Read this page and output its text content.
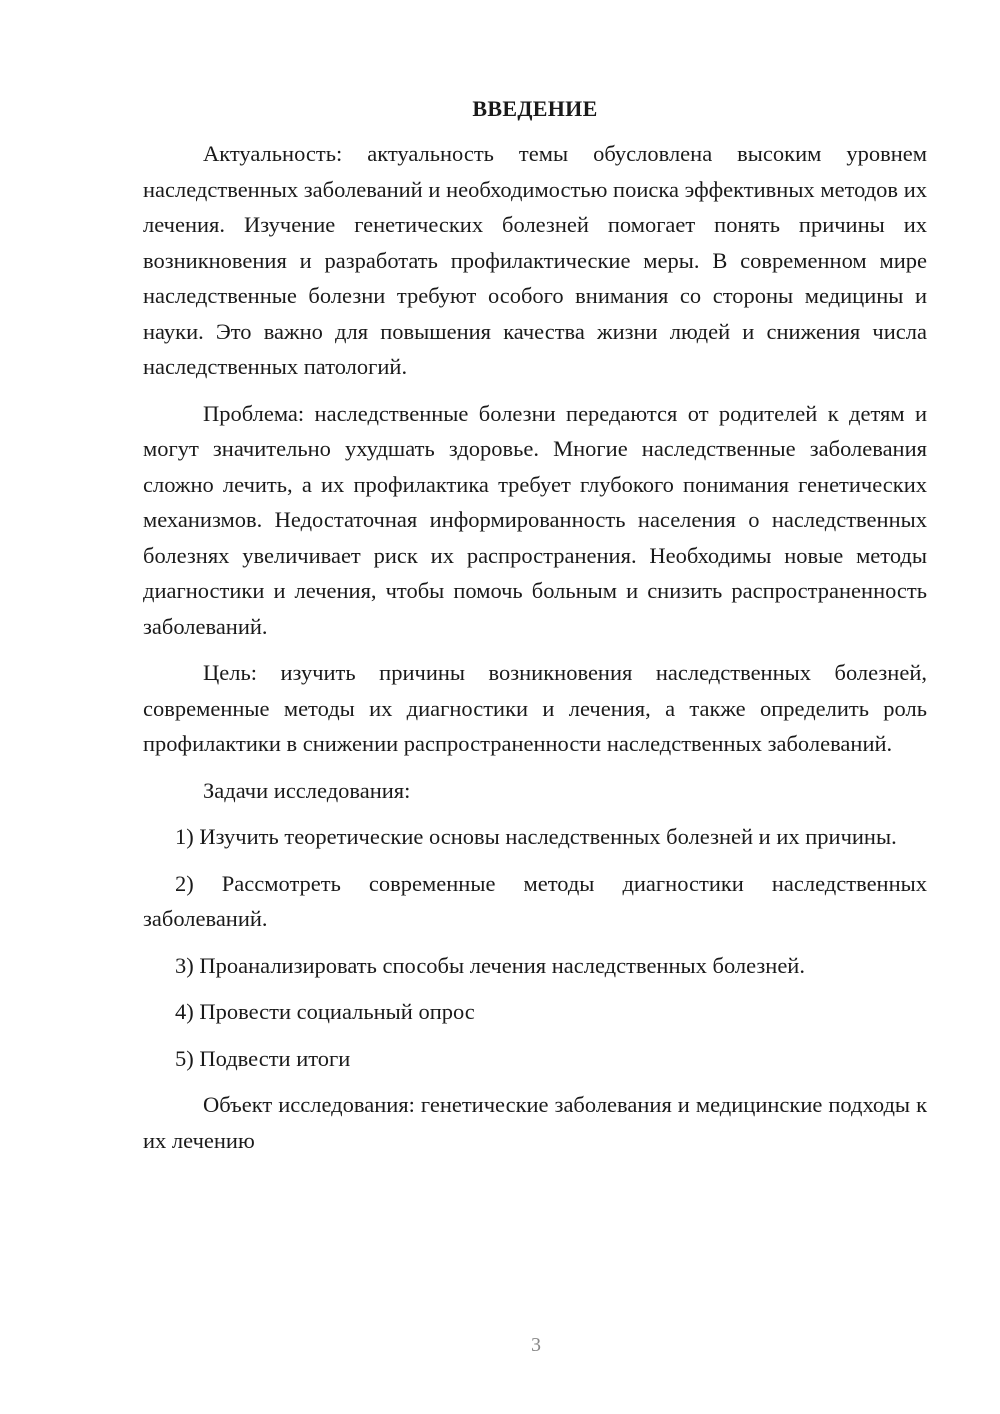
ВВЕДЕНИЕ

Актуальность: актуальность темы обусловлена высоким уровнем наследственных заболеваний и необходимостью поиска эффективных методов их лечения. Изучение генетических болезней помогает понять причины их возникновения и разработать профилактические меры. В современном мире наследственные болезни требуют особого внимания со стороны медицины и науки. Это важно для повышения качества жизни людей и снижения числа наследственных патологий.

Проблема: наследственные болезни передаются от родителей к детям и могут значительно ухудшать здоровье. Многие наследственные заболевания сложно лечить, а их профилактика требует глубокого понимания генетических механизмов. Недостаточная информированность населения о наследственных болезнях увеличивает риск их распространения. Необходимы новые методы диагностики и лечения, чтобы помочь больным и снизить распространенность заболеваний.

Цель: изучить причины возникновения наследственных болезней, современные методы их диагностики и лечения, а также определить роль профилактики в снижении распространенности наследственных заболеваний.

Задачи исследования:

1) Изучить теоретические основы наследственных болезней и их причины.

2) Рассмотреть современные методы диагностики наследственных заболеваний.

3) Проанализировать способы лечения наследственных болезней.

4) Провести социальный опрос

5) Подвести итоги

Объект исследования: генетические заболевания и медицинские подходы к их лечению

3
